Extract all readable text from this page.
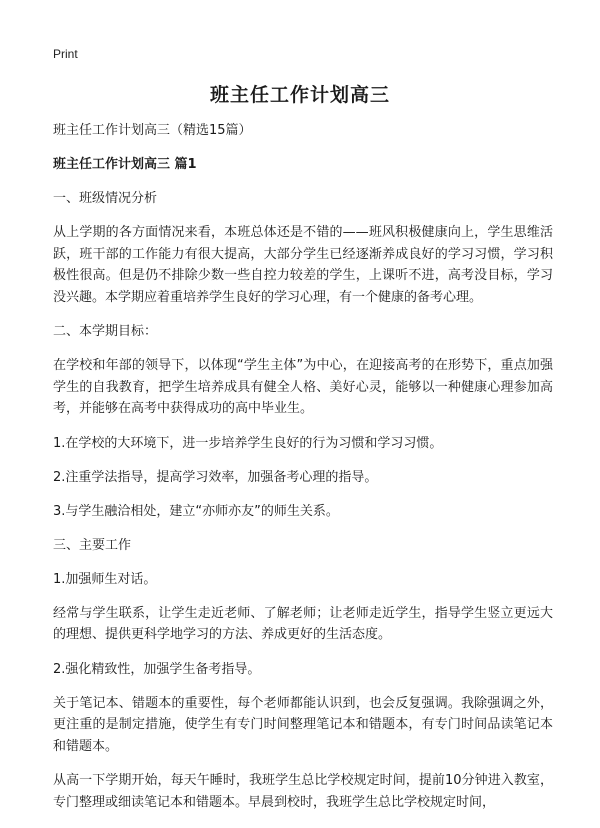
Print
班主任工作计划高三

班主任工作计划高三（精选15篇）

班主任工作计划高三 篇1

一、班级情况分析

从上学期的各方面情况来看，本班总体还是不错的——班风积极健康向上，学生思维活跃，班干部的工作能力有很大提高，大部分学生已经逐渐养成良好的学习习惯，学习积极性很高。但是仍不排除少数一些自控力较差的学生，上课听不进，高考没目标，学习没兴趣。本学期应着重培养学生良好的学习心理，有一个健康的备考心理。

二、本学期目标：

在学校和年部的领导下，以体现“学生主体”为中心，在迎接高考的在形势下，重点加强学生的自我教育，把学生培养成具有健全人格、美好心灵，能够以一种健康心理参加高考，并能够在高考中获得成功的高中毕业生。

1.在学校的大环境下，进一步培养学生良好的行为习惯和学习习惯。

2.注重学法指导，提高学习效率，加强备考心理的指导。

3.与学生融洽相处，建立“亦师亦友”的师生关系。

三、主要工作

1.加强师生对话。

经常与学生联系，让学生走近老师、了解老师；让老师走近学生，指导学生竖立更远大的理想、提供更科学地学习的方法、养成更好的生活态度。

2.强化精致性，加强学生备考指导。

关于笔记本、错题本的重要性，每个老师都能认识到，也会反复强调。我除强调之外，更注重的是制定措施，使学生有专门时间整理笔记本和错题本，有专门时间品读笔记本和错题本。

从高一下学期开始，每天午睡时，我班学生总比学校规定时间，提前10分钟进入教室，专门整理或细读笔记本和错题本。早晨到校时，我班学生总比学校规定时间，
